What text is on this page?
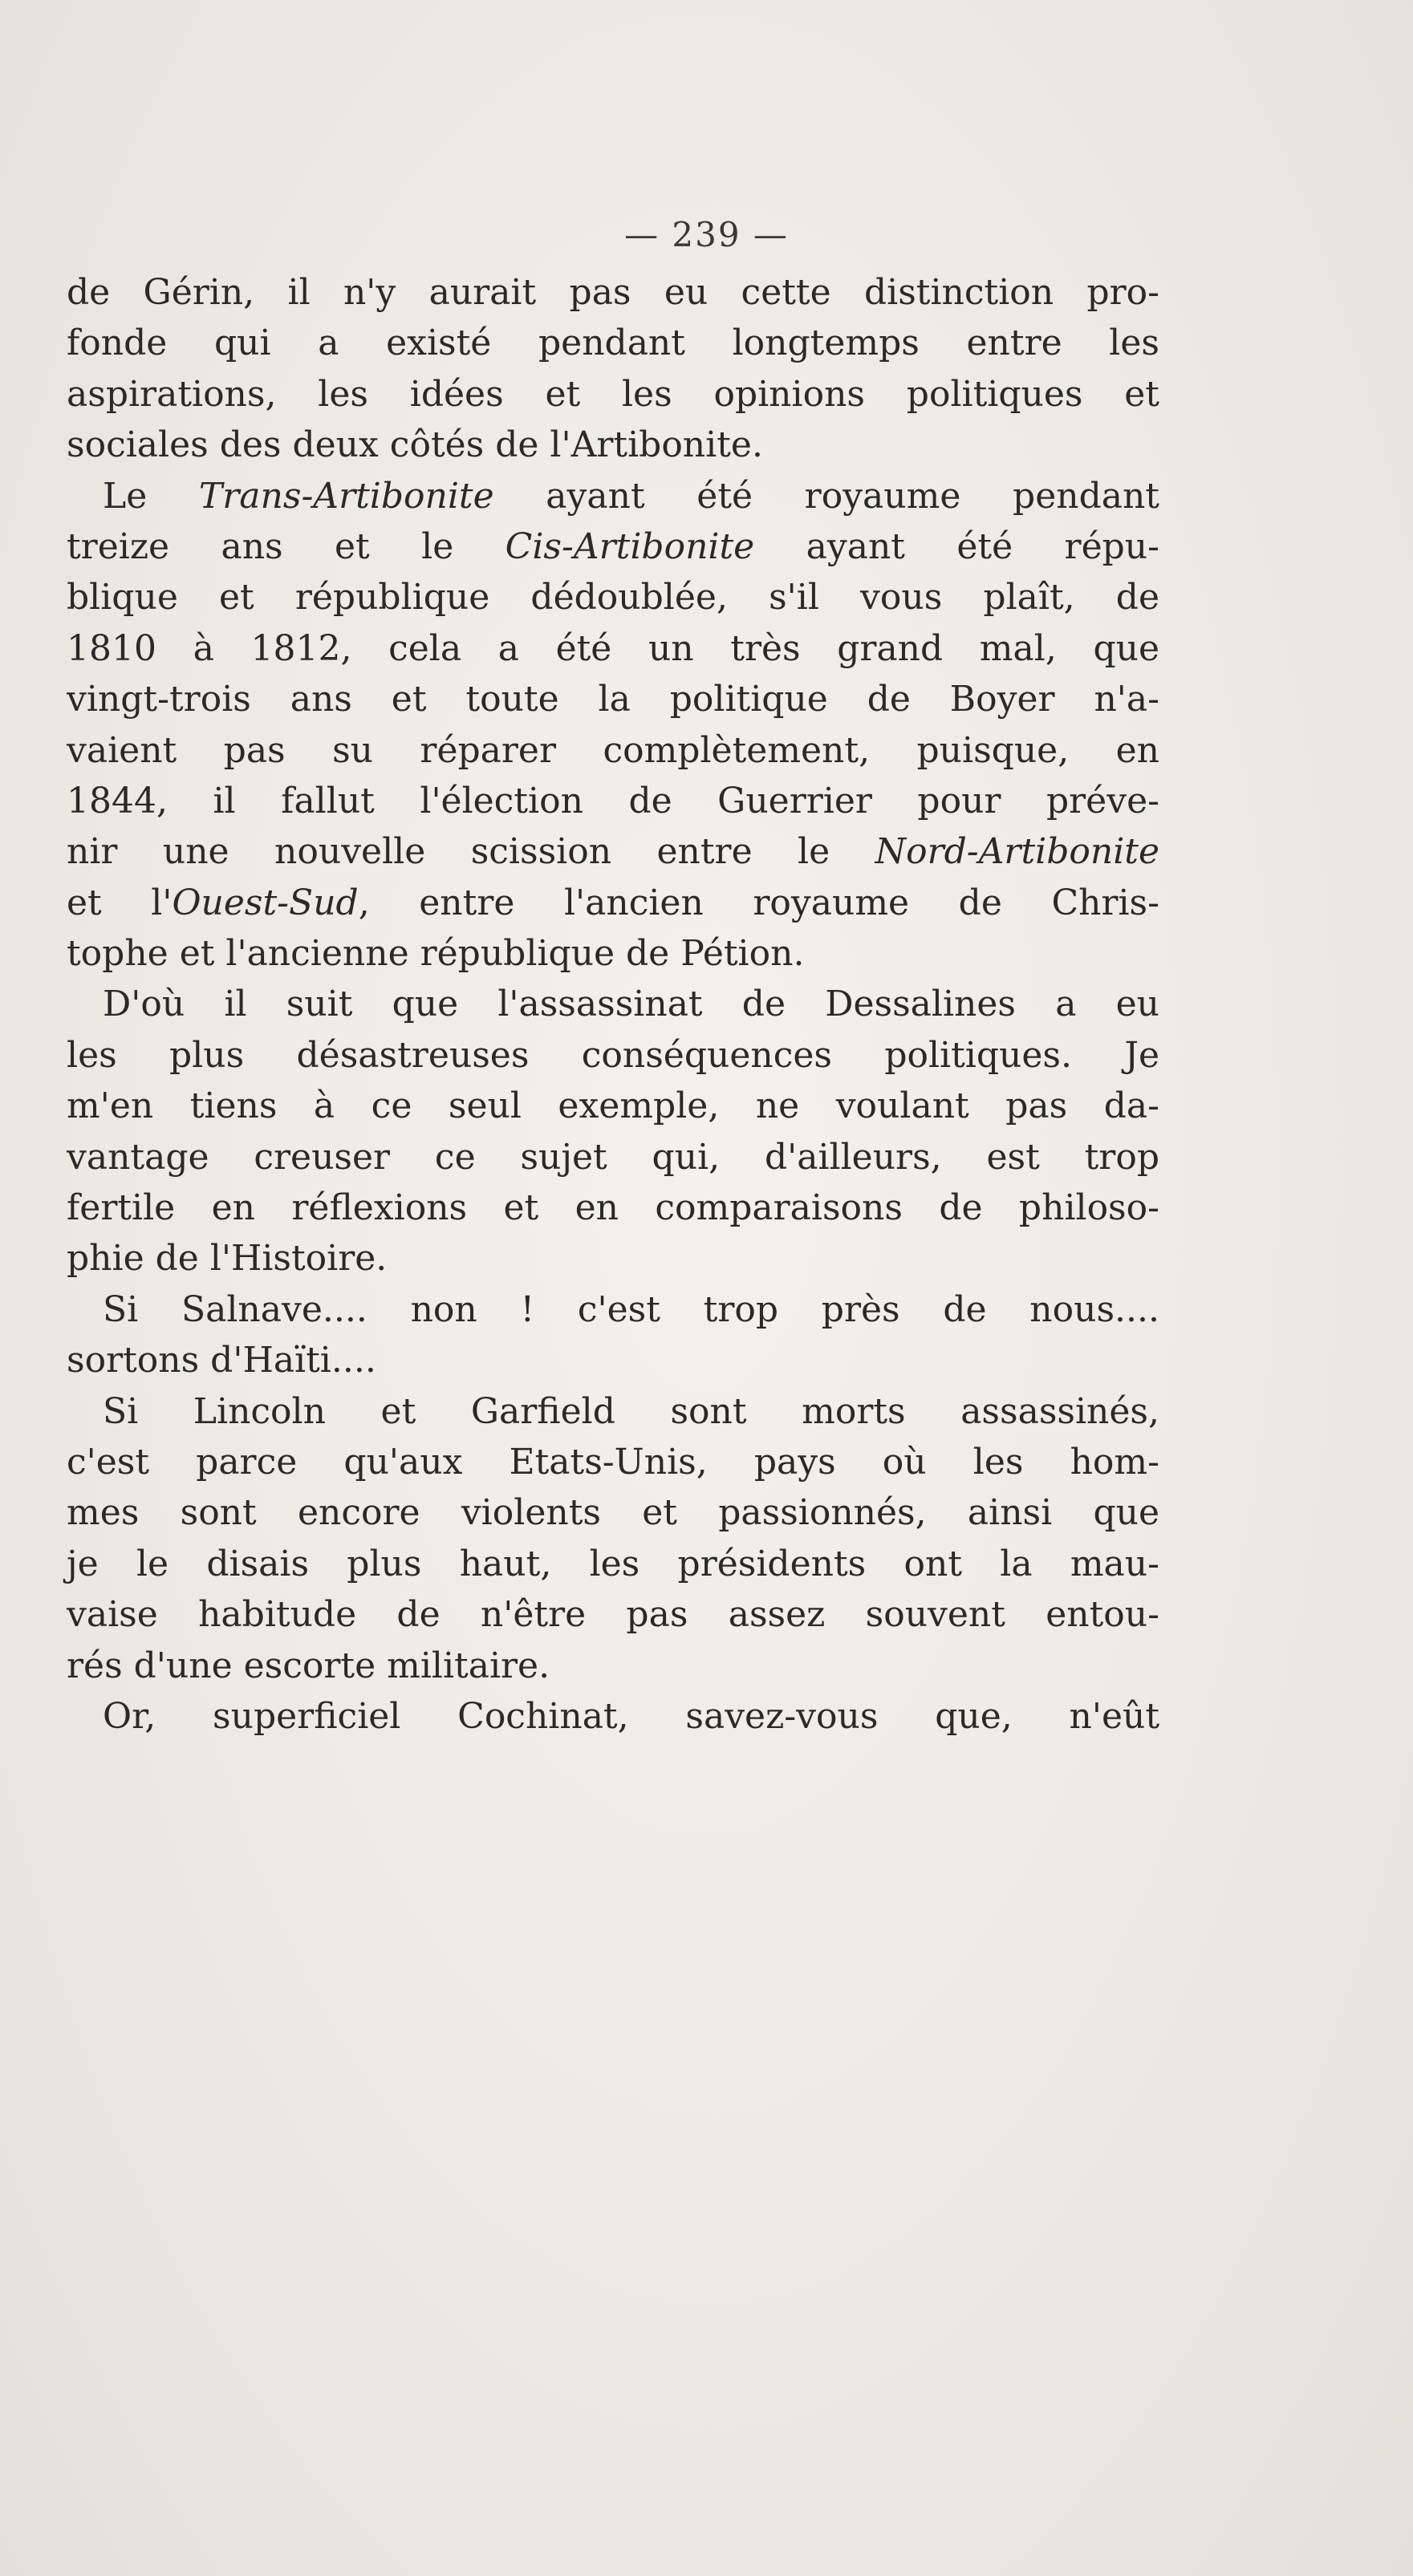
— 239 —
de Gérin, il n'y aurait pas eu cette distinction pro-
fonde qui a existé pendant longtemps entre les
aspirations, les idées et les opinions politiques et
sociales des deux côtés de l'Artibonite.
Le Trans-Artibonite ayant été royaume pendant
treize ans et le Cis-Artibonite ayant été répu-
blique et république dédoublée, s'il vous plaît, de
1810 à 1812, cela a été un très grand mal, que
vingt-trois ans et toute la politique de Boyer n'a-
vaient pas su réparer complètement, puisque, en
1844, il fallut l'élection de Guerrier pour préve-
nir une nouvelle scission entre le Nord-Artibonite
et l'Ouest-Sud, entre l'ancien royaume de Chris-
tophe et l'ancienne république de Pétion.
D'où il suit que l'assassinat de Dessalines a eu
les plus désastreuses conséquences politiques. Je
m'en tiens à ce seul exemple, ne voulant pas da-
vantage creuser ce sujet qui, d'ailleurs, est trop
fertile en réflexions et en comparaisons de philoso-
phie de l'Histoire.
Si Salnave.... non ! c'est trop près de nous....
sortons d'Haïti....
Si Lincoln et Garfield sont morts assassinés,
c'est parce qu'aux Etats-Unis, pays où les hom-
mes sont encore violents et passionnés, ainsi que
je le disais plus haut, les présidents ont la mau-
vaise habitude de n'être pas assez souvent entou-
rés d'une escorte militaire.
Or, superficiel Cochinat, savez-vous que, n'eût
